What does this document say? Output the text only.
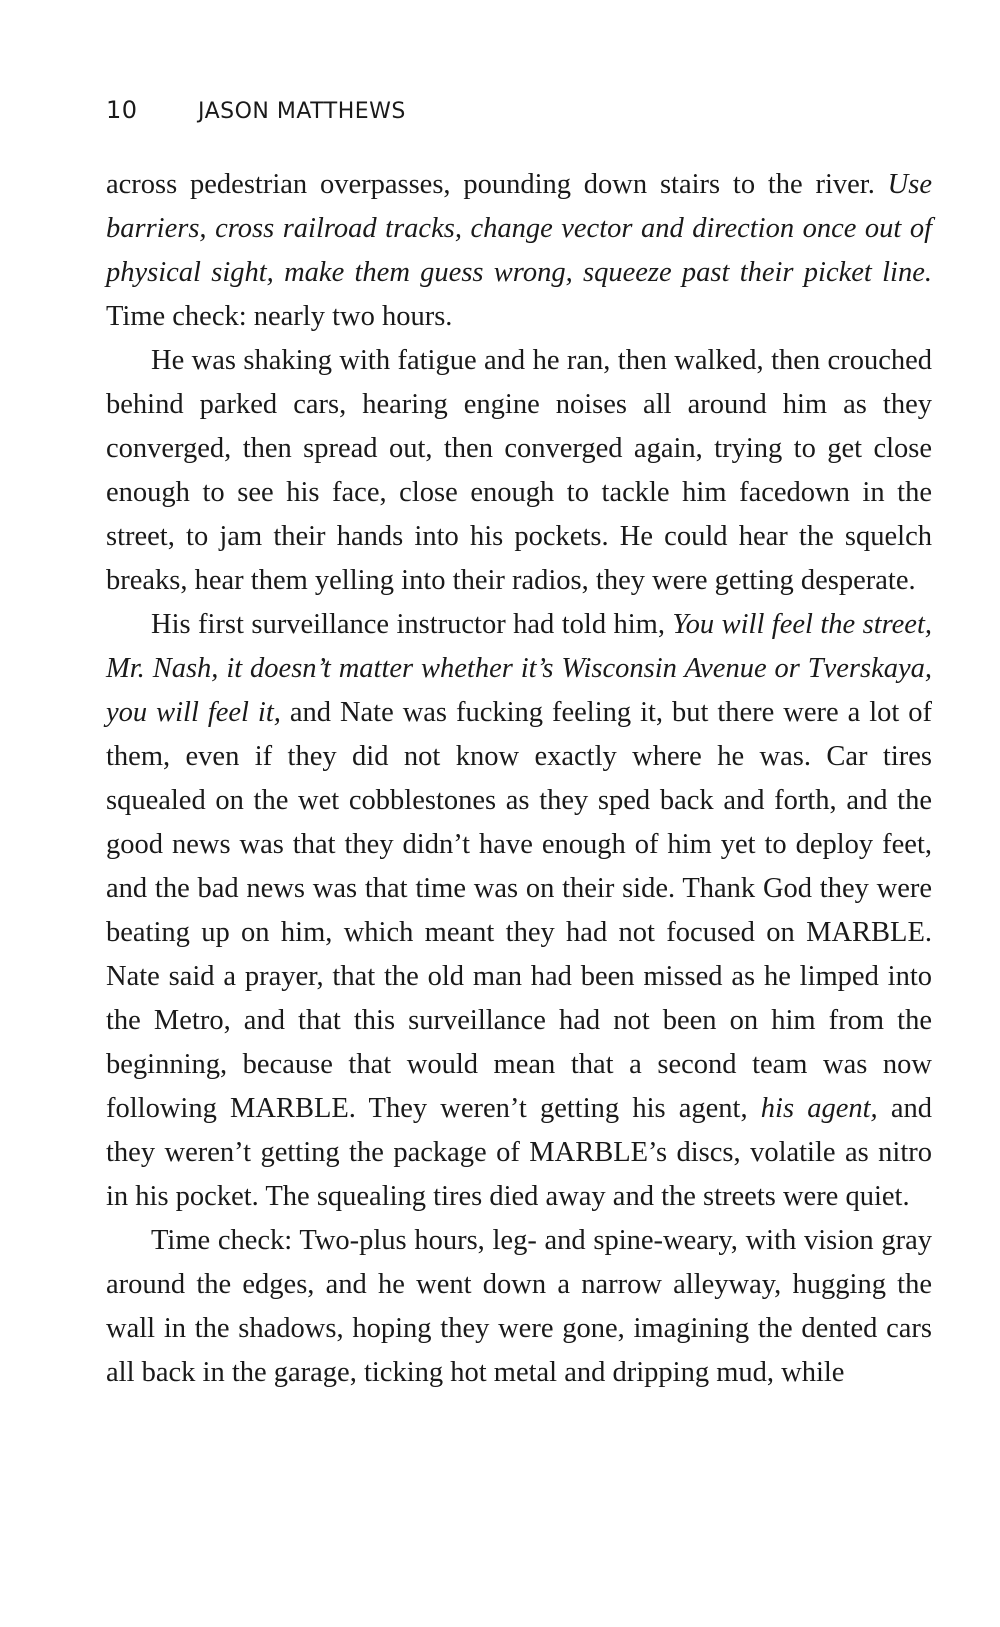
10	JASON MATTHEWS

across pedestrian overpasses, pounding down stairs to the river. Use barriers, cross railroad tracks, change vector and direction once out of physical sight, make them guess wrong, squeeze past their picket line. Time check: nearly two hours.

He was shaking with fatigue and he ran, then walked, then crouched behind parked cars, hearing engine noises all around him as they converged, then spread out, then converged again, trying to get close enough to see his face, close enough to tackle him facedown in the street, to jam their hands into his pockets. He could hear the squelch breaks, hear them yelling into their radios, they were getting desperate.

His first surveillance instructor had told him, You will feel the street, Mr. Nash, it doesn’t matter whether it’s Wisconsin Avenue or Tverskaya, you will feel it, and Nate was fucking feeling it, but there were a lot of them, even if they did not know exactly where he was. Car tires squealed on the wet cobblestones as they sped back and forth, and the good news was that they didn’t have enough of him yet to deploy feet, and the bad news was that time was on their side. Thank God they were beating up on him, which meant they had not focused on MARBLE. Nate said a prayer, that the old man had been missed as he limped into the Metro, and that this surveillance had not been on him from the beginning, because that would mean that a second team was now following MARBLE. They weren’t getting his agent, his agent, and they weren’t getting the package of MARBLE’s discs, volatile as nitro in his pocket. The squealing tires died away and the streets were quiet.

Time check: Two-plus hours, leg- and spine-weary, with vision gray around the edges, and he went down a narrow alleyway, hugging the wall in the shadows, hoping they were gone, imagining the dented cars all back in the garage, ticking hot metal and dripping mud, while
